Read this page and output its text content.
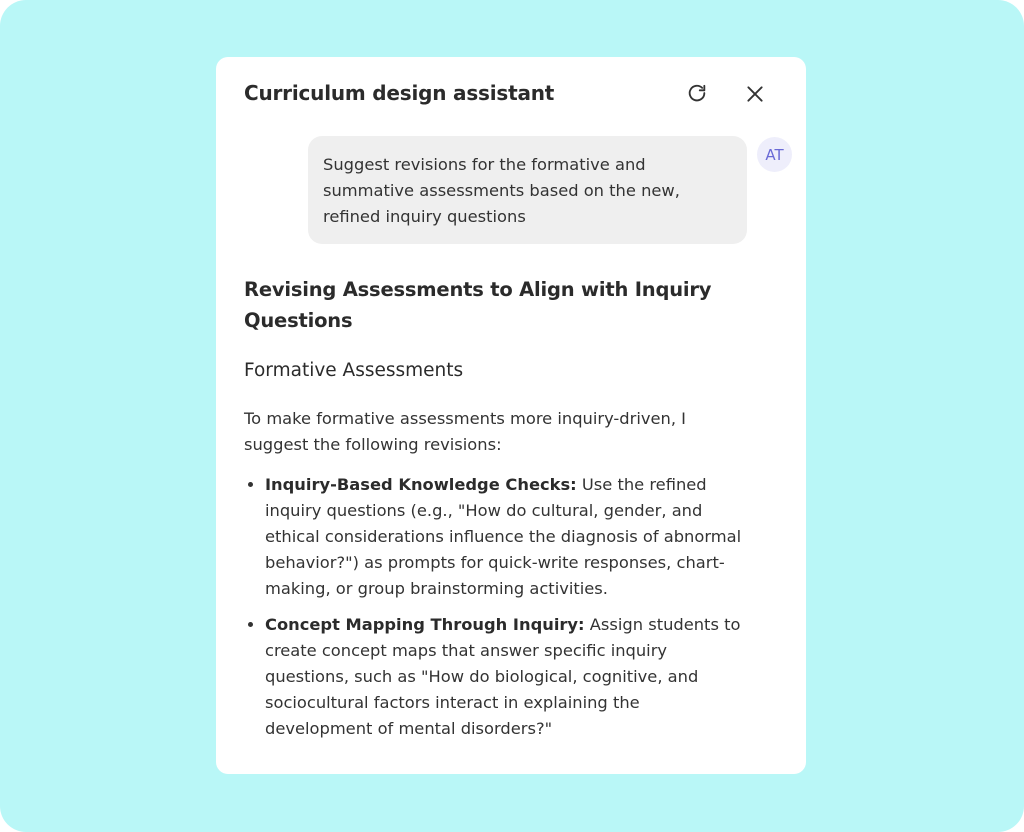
Curriculum design assistant
Suggest revisions for the formative and summative assessments based on the new, refined inquiry questions
AT
Revising Assessments to Align with Inquiry Questions
Formative Assessments

To make formative assessments more inquiry-driven, I suggest the following revisions:

• Inquiry-Based Knowledge Checks: Use the refined inquiry questions (e.g., "How do cultural, gender, and ethical considerations influence the diagnosis of abnormal behavior?") as prompts for quick-write responses, chart-making, or group brainstorming activities.
• Concept Mapping Through Inquiry: Assign students to create concept maps that answer specific inquiry questions, such as "How do biological, cognitive, and sociocultural factors interact in explaining the development of mental disorders?"
